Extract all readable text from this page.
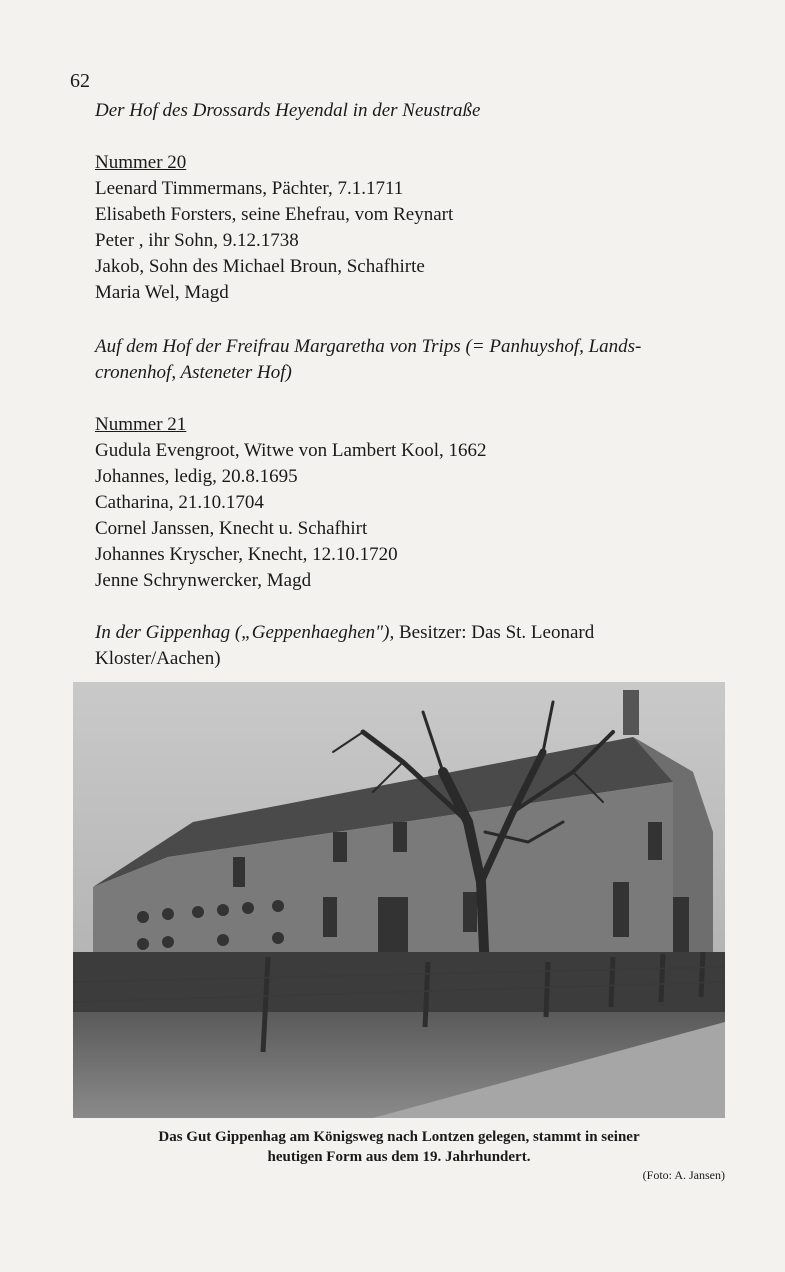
62
Der Hof des Drossards Heyendal in der Neustraße
Nummer 20
Leenard Timmermans, Pächter, 7.1.1711
Elisabeth Forsters, seine Ehefrau, vom Reynart
Peter , ihr Sohn, 9.12.1738
Jakob, Sohn des Michael Broun, Schafhirte
Maria Wel, Magd
Auf dem Hof der Freifrau Margaretha von Trips (= Panhuyshof, Lands-
cronenhof, Asteneter Hof)
Nummer 21
Gudula Evengroot, Witwe von Lambert Kool, 1662
Johannes, ledig, 20.8.1695
Catharina, 21.10.1704
Cornel Janssen, Knecht u. Schafhirt
Johannes Kryscher, Knecht, 12.10.1720
Jenne Schrynwercker, Magd
In der Gippenhag („Geppenhaeghen"), Besitzer: Das St. Leonard
Kloster/Aachen)
Das Gut Gippenhag am Königsweg nach Lontzen gelegen, stammt in seiner
heutigen Form aus dem 19. Jahrhundert.
(Foto: A. Jansen)
